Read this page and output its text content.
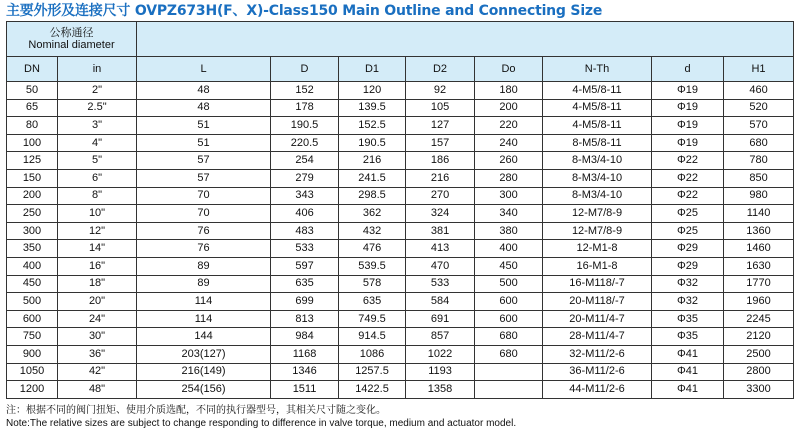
主要外形及连接尺寸 OVPZ673H(F、X)-Class150 Main Outline and Connecting Size
公称通径
Nominal diameter									

DN	in	L	D	D1	D2	Do	N-Th	d	H1
50	2"	48	152	120	92	180	4-M5/8-11	Φ19	460
65	2.5"	48	178	139.5	105	200	4-M5/8-11	Φ19	520
80	3"	51	190.5	152.5	127	220	4-M5/8-11	Φ19	570
100	4"	51	220.5	190.5	157	240	8-M5/8-11	Φ19	680
125	5"	57	254	216	186	260	8-M3/4-10	Φ22	780
150	6"	57	279	241.5	216	280	8-M3/4-10	Φ22	850
200	8"	70	343	298.5	270	300	8-M3/4-10	Φ22	980
250	10"	70	406	362	324	340	12-M7/8-9	Φ25	1140
300	12"	76	483	432	381	380	12-M7/8-9	Φ25	1360
350	14"	76	533	476	413	400	12-M1-8	Φ29	1460
400	16"	89	597	539.5	470	450	16-M1-8	Φ29	1630
450	18"	89	635	578	533	500	16-M118/-7	Φ32	1770
500	20"	114	699	635	584	600	20-M118/-7	Φ32	1960
600	24"	114	813	749.5	691	600	20-M11/4-7	Φ35	2245
750	30"	144	984	914.5	857	680	28-M11/4-7	Φ35	2120
900	36"	203(127)	1168	1086	1022	680	32-M11/2-6	Φ41	2500
1050	42"	216(149)	1346	1257.5	1193		36-M11/2-6	Φ41	2800
1200	48"	254(156)	1511	1422.5	1358		44-M11/2-6	Φ41	3300
注：根据不同的阀门扭矩、使用介质选配，不同的执行器型号，其相关尺寸随之变化。
Note:The relative sizes are subject to change responding to difference in valve torque, medium and actuator model.
